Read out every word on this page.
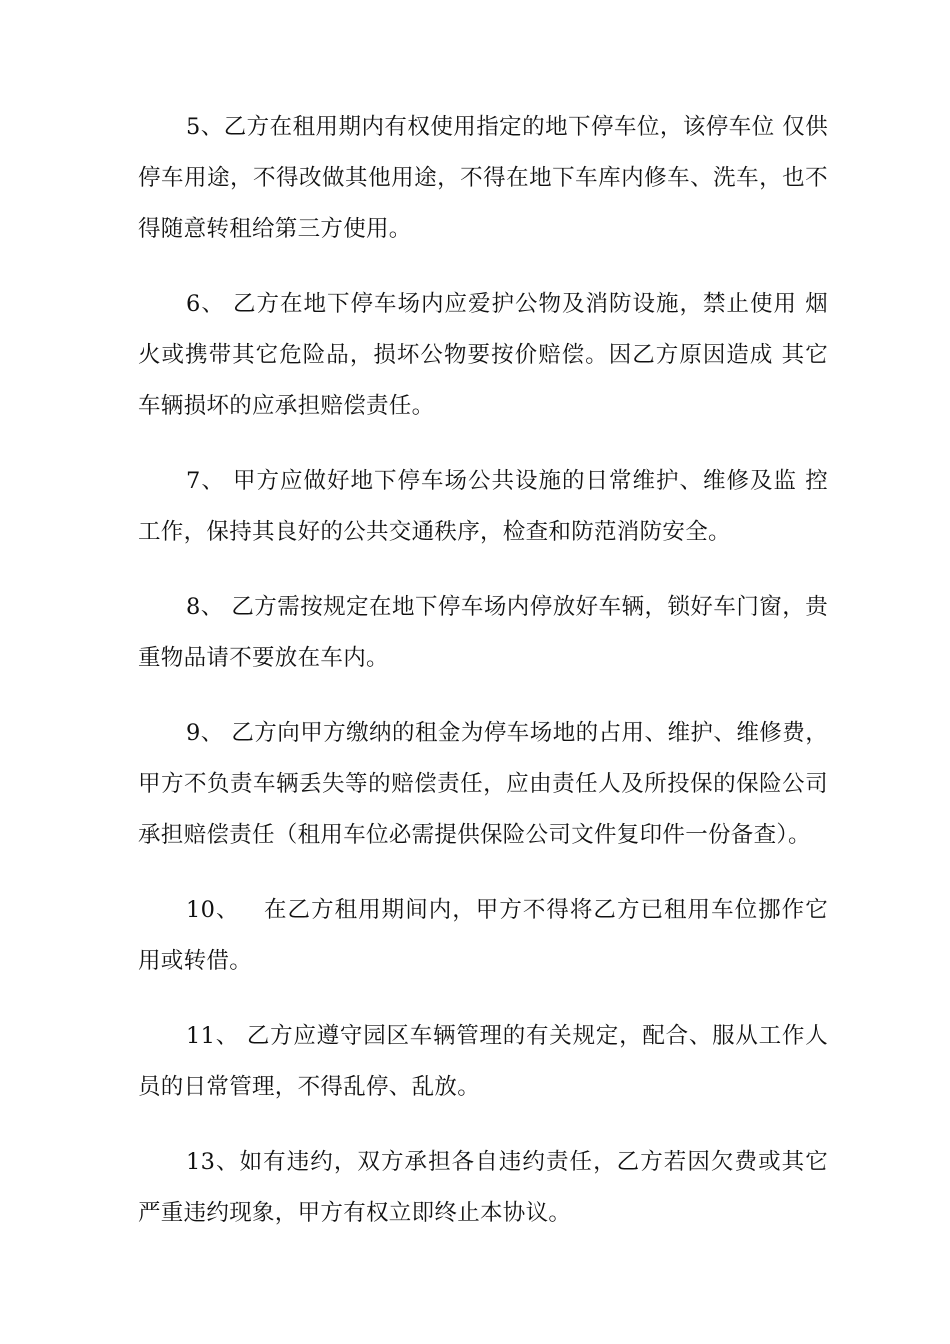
5、乙方在租用期内有权使用指定的地下停车位，该停车位 仅供停车用途，不得改做其他用途，不得在地下车库内修车、洗车，也不得随意转租给第三方使用。

6、 乙方在地下停车场内应爱护公物及消防设施，禁止使用 烟火或携带其它危险品，损坏公物要按价赔偿。因乙方原因造成 其它车辆损坏的应承担赔偿责任。

7、 甲方应做好地下停车场公共设施的日常维护、维修及监 控工作，保持其良好的公共交通秩序，检查和防范消防安全。

8、 乙方需按规定在地下停车场内停放好车辆，锁好车门窗，贵重物品请不要放在车内。

9、 乙方向甲方缴纳的租金为停车场地的占用、维护、维修费，甲方不负责车辆丢失等的赔偿责任，应由责任人及所投保的保险公司承担赔偿责任（租用车位必需提供保险公司文件复印件一份备查）。

10、   在乙方租用期间内，甲方不得将乙方已租用车位挪作它用或转借。

11、 乙方应遵守园区车辆管理的有关规定，配合、服从工作人员的日常管理，不得乱停、乱放。

13、如有违约，双方承担各自违约责任，乙方若因欠费或其它严重违约现象，甲方有权立即终止本协议。
